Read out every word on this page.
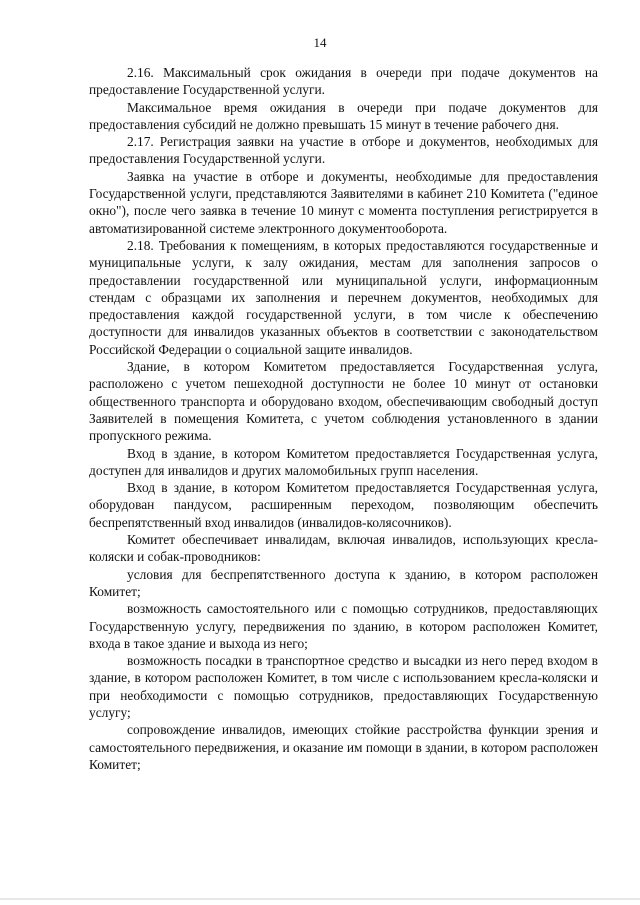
14

2.16. Максимальный срок ожидания в очереди при подаче документов на предоставление Государственной услуги.

Максимальное время ожидания в очереди при подаче документов для предоставления субсидий не должно превышать 15 минут в течение рабочего дня.

2.17. Регистрация заявки на участие в отборе и документов, необходимых для предоставления Государственной услуги.

Заявка на участие в отборе и документы, необходимые для предоставления Государственной услуги, представляются Заявителями в кабинет 210 Комитета ("единое окно"), после чего заявка в течение 10 минут с момента поступления регистрируется в автоматизированной системе электронного документооборота.

2.18. Требования к помещениям, в которых предоставляются государственные и муниципальные услуги, к залу ожидания, местам для заполнения запросов о предоставлении государственной или муниципальной услуги, информационным стендам с образцами их заполнения и перечнем документов, необходимых для предоставления каждой государственной услуги, в том числе к обеспечению доступности для инвалидов указанных объектов в соответствии с законодательством Российской Федерации о социальной защите инвалидов.

Здание, в котором Комитетом предоставляется Государственная услуга, расположено с учетом пешеходной доступности не более 10 минут от остановки общественного транспорта и оборудовано входом, обеспечивающим свободный доступ Заявителей в помещения Комитета, с учетом соблюдения установленного в здании пропускного режима.

Вход в здание, в котором Комитетом предоставляется Государственная услуга, доступен для инвалидов и других маломобильных групп населения.

Вход в здание, в котором Комитетом предоставляется Государственная услуга, оборудован пандусом, расширенным переходом, позволяющим обеспечить беспрепятственный вход инвалидов (инвалидов-колясочников).

Комитет обеспечивает инвалидам, включая инвалидов, использующих кресла-коляски и собак-проводников:

условия для беспрепятственного доступа к зданию, в котором расположен Комитет;

возможность самостоятельного или с помощью сотрудников, предоставляющих Государственную услугу, передвижения по зданию, в котором расположен Комитет, входа в такое здание и выхода из него;

возможность посадки в транспортное средство и высадки из него перед входом в здание, в котором расположен Комитет, в том числе с использованием кресла-коляски и при необходимости с помощью сотрудников, предоставляющих Государственную услугу;

сопровождение инвалидов, имеющих стойкие расстройства функции зрения и самостоятельного передвижения, и оказание им помощи в здании, в котором расположен Комитет;
